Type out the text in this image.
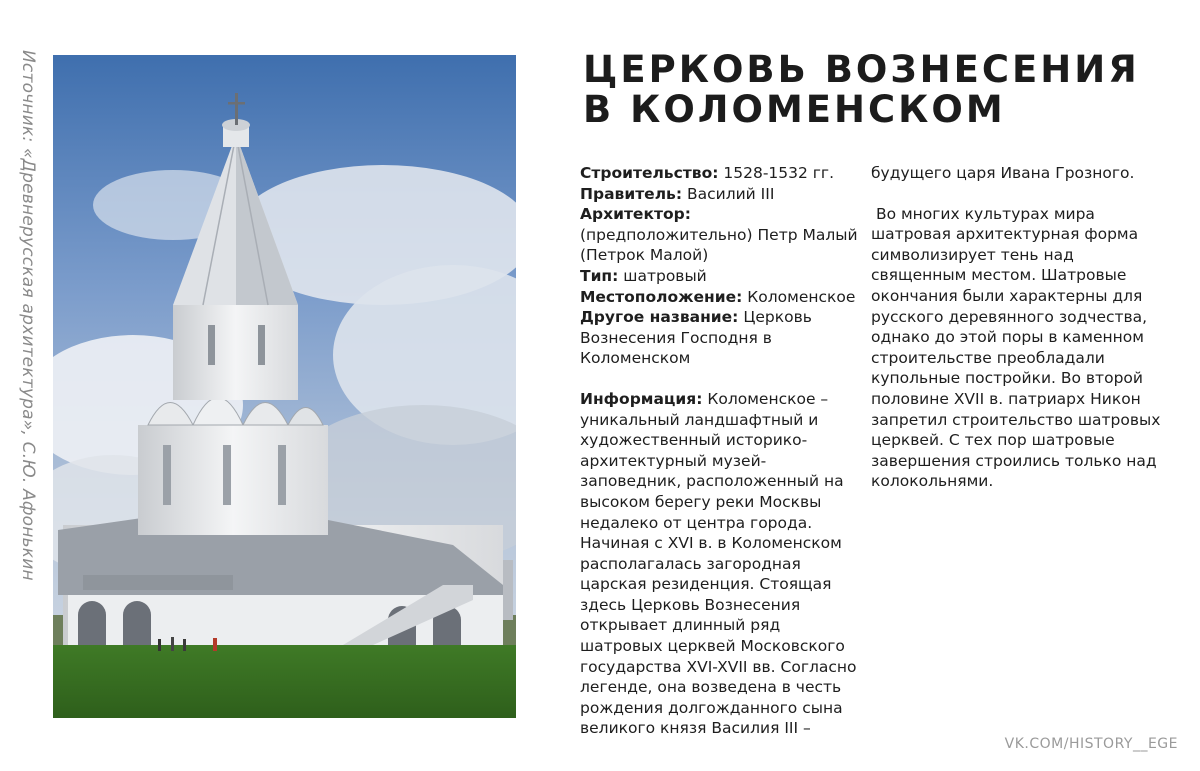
Источник: «Древнерусская архитектура», С.Ю. Афонькин	ЦЕРКОВЬ ВОЗНЕСЕНИЯ В КОЛОМЕНСКОМ

Строительство: 1528-1532 гг.

Правитель: Василий III

Архитектор: (предположительно) Петр Малый (Петрок Малой)

Тип: шатровый

Местоположение: Коломенское

Другое название: Церковь Вознесения Господня в Коломенском

Информация: Коломенское – уникальный ландшафтный и художественный историко-архитектурный музей-заповедник, расположенный на высоком берегу реки Москвы недалеко от центра города. Начиная с XVI в. в Коломенском располагалась загородная царская резиденция. Стоящая здесь Церковь Вознесения открывает длинный ряд шатровых церквей Московского государства XVI-XVII вв. Согласно легенде, она возведена в честь рождения долгожданного сына великого князя Василия III –

будущего царя Ивана Грозного.

Во многих культурах мира шатровая архитектурная форма символизирует тень над священным местом. Шатровые окончания были характерны для русского деревянного зодчества, однако до этой поры в каменном строительстве преобладали купольные постройки. Во второй половине XVII в. патриарх Никон запретил строительство шатровых церквей. С тех пор шатровые завершения строились только над колокольнями.

VK.COM/HISTORY__EGE
